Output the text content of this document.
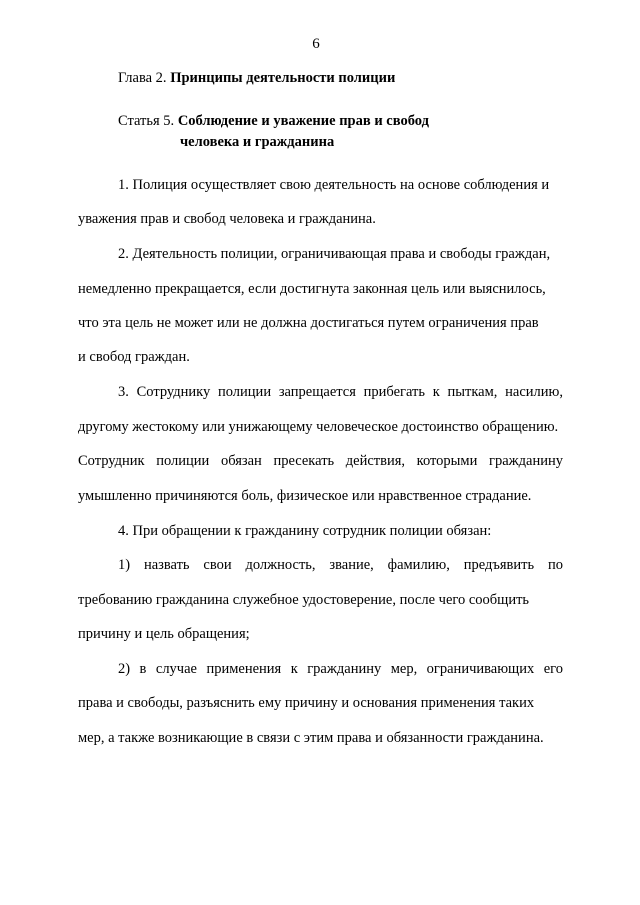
6
Глава 2. Принципы деятельности полиции
Статья 5. Соблюдение и уважение прав и свобод
человека и гражданина
1. Полиция осуществляет свою деятельность на основе соблюдения и
уважения прав и свобод человека и гражданина.
2. Деятельность полиции, ограничивающая права и свободы граждан,
немедленно прекращается, если достигнута законная цель или выяснилось,
что эта цель не может или не должна достигаться путем ограничения прав
и свобод граждан.
3. Сотруднику полиции запрещается прибегать к пыткам, насилию,
другому жестокому или унижающему человеческое достоинство обращению.
Сотрудник полиции обязан пресекать действия, которыми гражданину
умышленно причиняются боль, физическое или нравственное страдание.
4. При обращении к гражданину сотрудник полиции обязан:
1) назвать свои должность, звание, фамилию, предъявить по
требованию гражданина служебное удостоверение, после чего сообщить
причину и цель обращения;
2) в случае применения к гражданину мер, ограничивающих его
права и свободы, разъяснить ему причину и основания применения таких
мер, а также возникающие в связи с этим права и обязанности гражданина.
